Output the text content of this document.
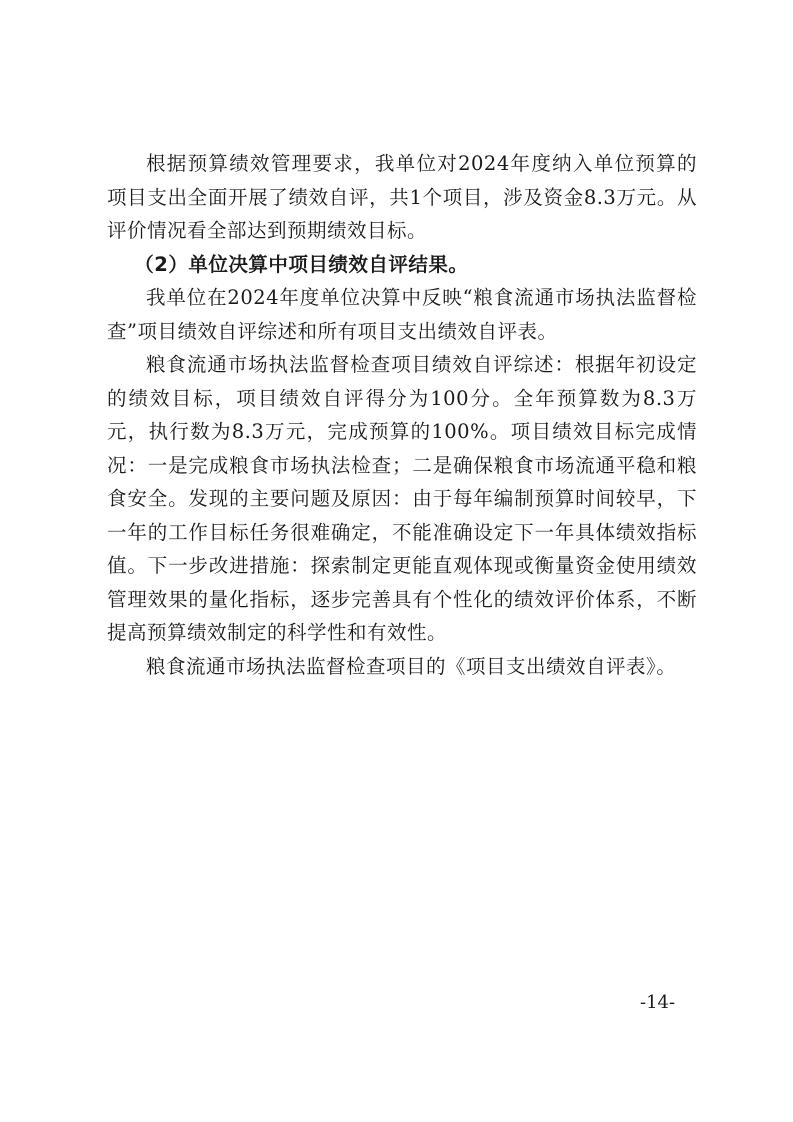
根据预算绩效管理要求，我单位对2024年度纳入单位预算的项目支出全面开展了绩效自评，共1个项目，涉及资金8.3万元。从评价情况看全部达到预期绩效目标。

（2）单位决算中项目绩效自评结果。

我单位在2024年度单位决算中反映“粮食流通市场执法监督检查”项目绩效自评综述和所有项目支出绩效自评表。

粮食流通市场执法监督检查项目绩效自评综述：根据年初设定的绩效目标，项目绩效自评得分为100分。全年预算数为8.3万元，执行数为8.3万元，完成预算的100%。项目绩效目标完成情况：一是完成粮食市场执法检查；二是确保粮食市场流通平稳和粮食安全。发现的主要问题及原因：由于每年编制预算时间较早，下一年的工作目标任务很难确定，不能准确设定下一年具体绩效指标值。下一步改进措施：探索制定更能直观体现或衡量资金使用绩效管理效果的量化指标，逐步完善具有个性化的绩效评价体系，不断提高预算绩效制定的科学性和有效性。

粮食流通市场执法监督检查项目的《项目支出绩效自评表》。

-14-
